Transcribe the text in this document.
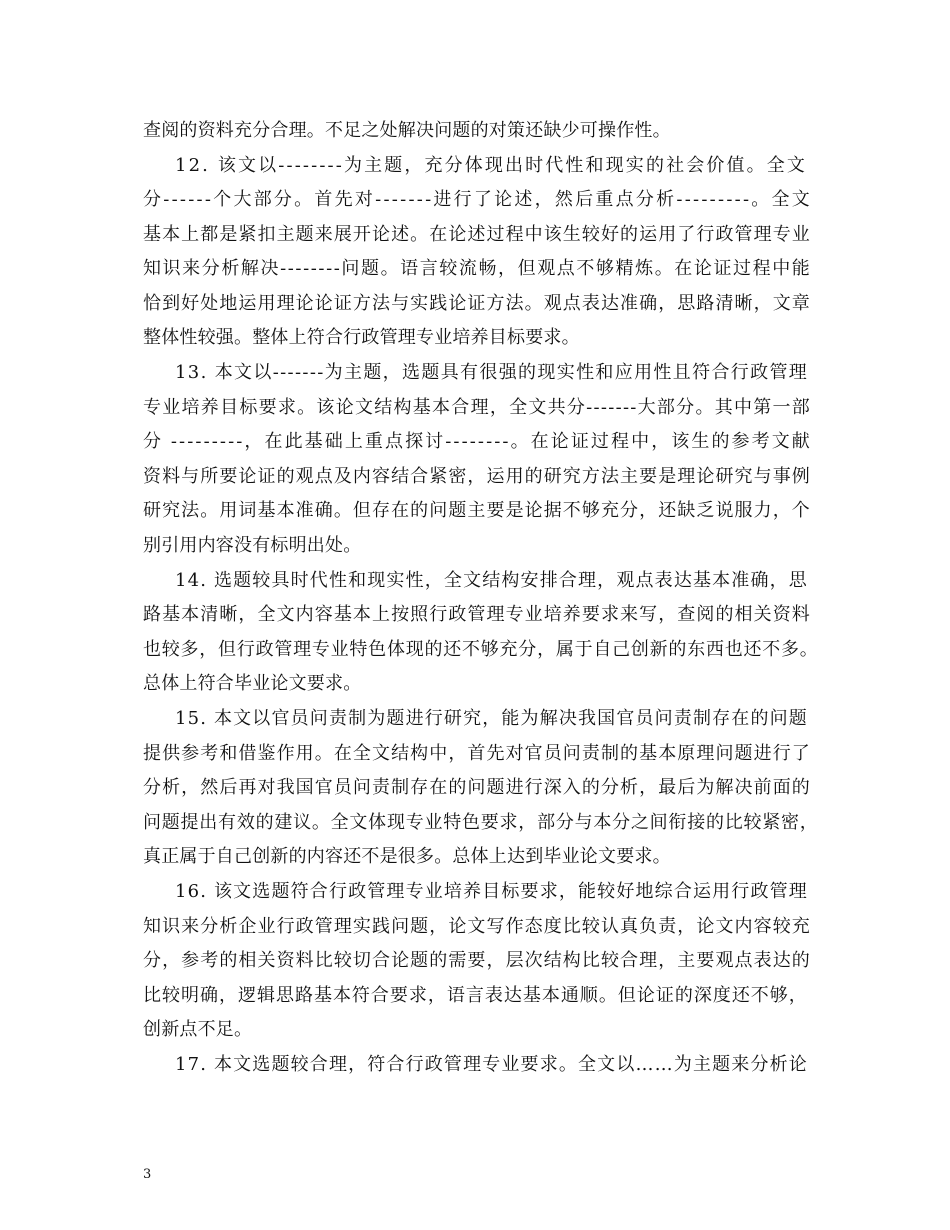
查阅的资料充分合理。不足之处解决问题的对策还缺少可操作性。
12. 该文以--------为主题，充分体现出时代性和现实的社会价值。全文
分------个大部分。首先对-------进行了论述，然后重点分析---------。全文
基本上都是紧扣主题来展开论述。在论述过程中该生较好的运用了行政管理专业
知识来分析解决--------问题。语言较流畅，但观点不够精炼。在论证过程中能
恰到好处地运用理论论证方法与实践论证方法。观点表达准确，思路清晰，文章
整体性较强。整体上符合行政管理专业培养目标要求。
13. 本文以-------为主题，选题具有很强的现实性和应用性且符合行政管理
专业培养目标要求。该论文结构基本合理，全文共分-------大部分。其中第一部
分 ---------，在此基础上重点探讨--------。在论证过程中，该生的参考文献
资料与所要论证的观点及内容结合紧密，运用的研究方法主要是理论研究与事例
研究法。用词基本准确。但存在的问题主要是论据不够充分，还缺乏说服力，个
别引用内容没有标明出处。
14. 选题较具时代性和现实性，全文结构安排合理，观点表达基本准确，思
路基本清晰，全文内容基本上按照行政管理专业培养要求来写，查阅的相关资料
也较多，但行政管理专业特色体现的还不够充分，属于自己创新的东西也还不多。
总体上符合毕业论文要求。
15. 本文以官员问责制为题进行研究，能为解决我国官员问责制存在的问题
提供参考和借鉴作用。在全文结构中，首先对官员问责制的基本原理问题进行了
分析，然后再对我国官员问责制存在的问题进行深入的分析，最后为解决前面的
问题提出有效的建议。全文体现专业特色要求，部分与本分之间衔接的比较紧密，
真正属于自己创新的内容还不是很多。总体上达到毕业论文要求。
16. 该文选题符合行政管理专业培养目标要求，能较好地综合运用行政管理
知识来分析企业行政管理实践问题，论文写作态度比较认真负责，论文内容较充
分，参考的相关资料比较切合论题的需要，层次结构比较合理，主要观点表达的
比较明确，逻辑思路基本符合要求，语言表达基本通顺。但论证的深度还不够，
创新点不足。
17. 本文选题较合理，符合行政管理专业要求。全文以……为主题来分析论
3
